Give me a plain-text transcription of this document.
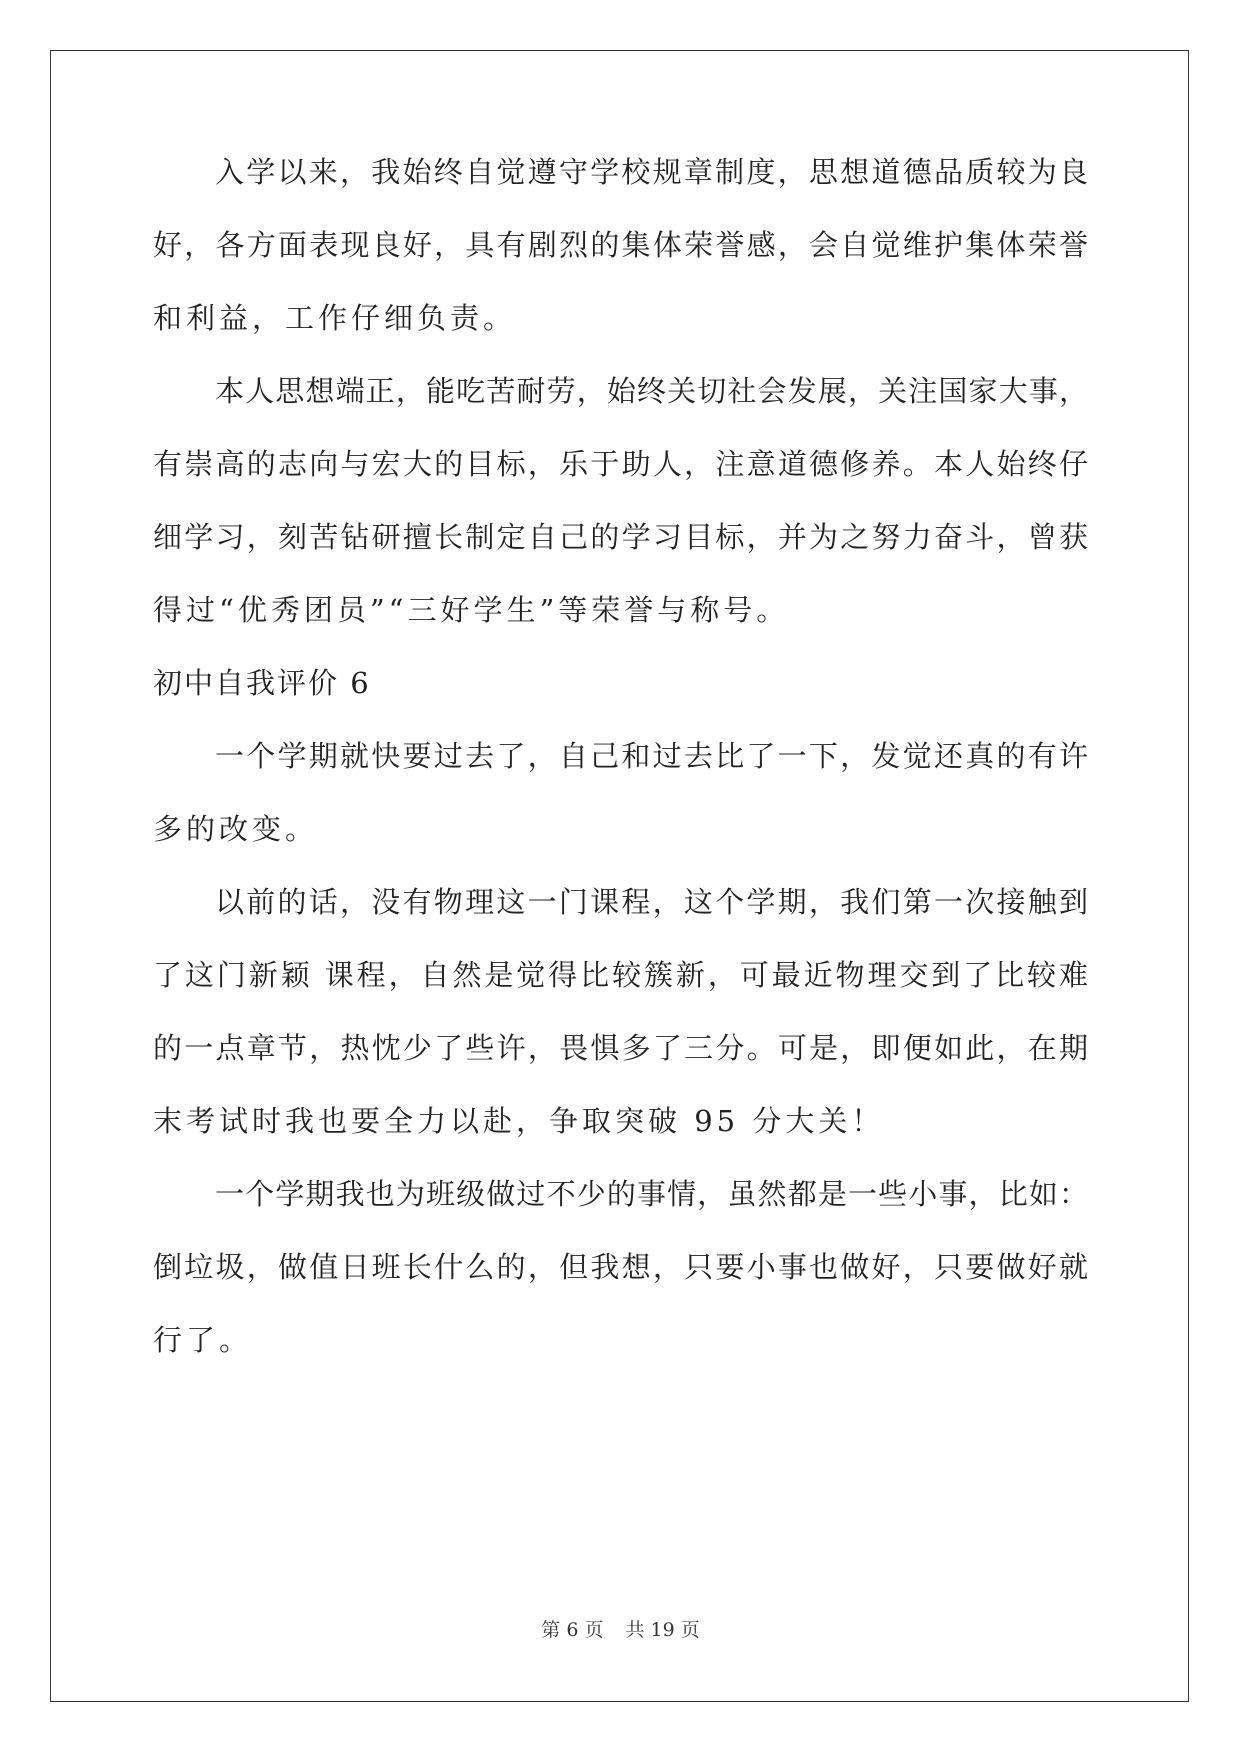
入学以来，我始终自觉遵守学校规章制度，思想道德品质较为良
好，各方面表现良好，具有剧烈的集体荣誉感，会自觉维护集体荣誉
和利益，工作仔细负责。
本人思想端正，能吃苦耐劳，始终关切社会发展，关注国家大事，
有崇高的志向与宏大的目标，乐于助人，注意道德修养。本人始终仔
细学习，刻苦钻研擅长制定自己的学习目标，并为之努力奋斗，曾获
得过“优秀团员”“三好学生”等荣誉与称号。
初中自我评价 6
一个学期就快要过去了，自己和过去比了一下，发觉还真的有许
多的改变。
以前的话，没有物理这一门课程，这个学期，我们第一次接触到
了这门新颖 课程，自然是觉得比较簇新，可最近物理交到了比较难
的一点章节，热忱少了些许，畏惧多了三分。可是，即便如此，在期
末考试时我也要全力以赴，争取突破 95 分大关！
一个学期我也为班级做过不少的事情，虽然都是一些小事，比如：
倒垃圾，做值日班长什么的，但我想，只要小事也做好，只要做好就
行了。
第 6 页 共 19 页
